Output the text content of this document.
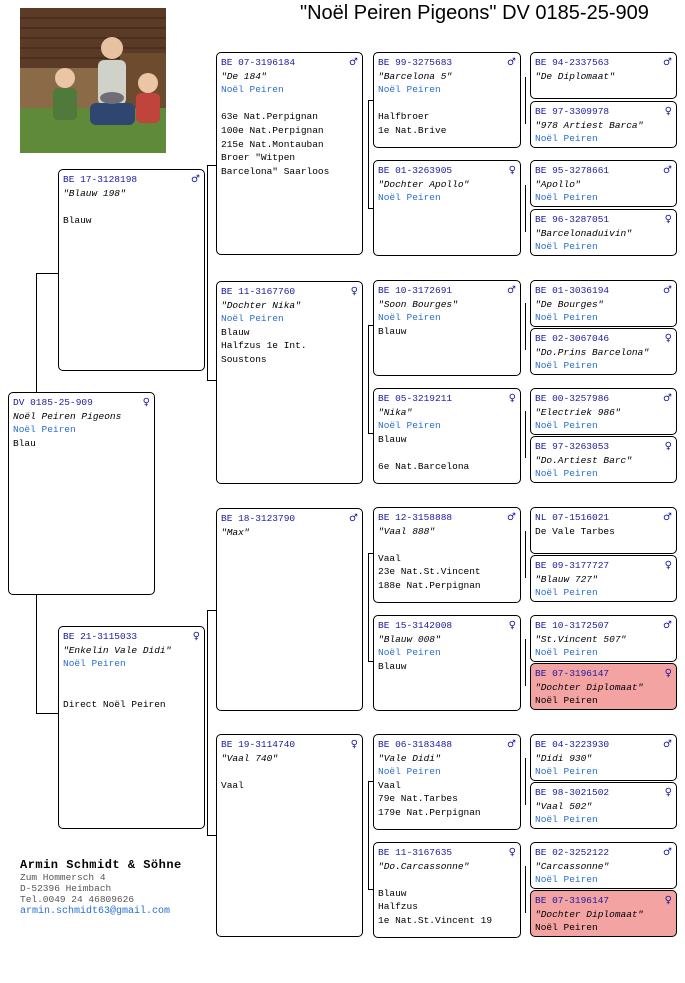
"Noël Peiren Pigeons" DV 0185-25-909
DV 0185-25-909	♀
Noël Peiren Pigeons
Noël Peiren
Blau
BE 17-3128198	♂
"Blauw 198"
Blauw
BE 21-3115033	♀
"Enkelin Vale Didi"
Noël Peiren
Direct Noël Peiren
BE 07-3196184	♂
"De 184"
Noël Peiren
63e Nat.Perpignan
100e Nat.Perpignan
215e Nat.Montauban
Broer "Witpen
Barcelona" Saarloos
BE 11-3167760	♀
"Dochter Nika"
Noël Peiren
Blauw
Halfzus 1e Int.
Soustons
BE 18-3123790	♂
"Max"
BE 19-3114740	♀
"Vaal 740"
Vaal
BE 99-3275683	♂
"Barcelona 5"
Noël Peiren
Halfbroer
1e Nat.Brive
BE 01-3263905	♀
"Dochter Apollo"
Noël Peiren
BE 10-3172691	♂
"Soon Bourges"
Noël Peiren
Blauw
BE 05-3219211	♀
"Nika"
Noël Peiren
Blauw
6e Nat.Barcelona
BE 12-3158888	♂
"Vaal 888"
Vaal
23e Nat.St.Vincent
188e Nat.Perpignan
BE 15-3142008	♀
"Blauw 008"
Noël Peiren
Blauw
BE 06-3183488	♂
"Vale Didi"
Noël Peiren
Vaal
79e Nat.Tarbes
179e Nat.Perpignan
BE 11-3167635	♀
"Do.Carcassonne"
Blauw
Halfzus
1e Nat.St.Vincent 19
BE 94-2337563	♂
"De Diplomaat"
BE 97-3309978	♀
"978 Artiest Barca"
Noël Peiren
BE 95-3278661	♂
"Apollo"
Noël Peiren
BE 96-3287051	♀
"Barcelonaduivin"
Noël Peiren
BE 01-3036194	♂
"De Bourges"
Noël Peiren
BE 02-3067046	♀
"Do.Prins Barcelona"
Noël Peiren
BE 00-3257986	♂
"Electriek 986"
Noël Peiren
BE 97-3263053	♀
"Do.Artiest Barc"
Noël Peiren
NL 07-1516021	♂
De Vale Tarbes
BE 09-3177727	♀
"Blauw 727"
Noël Peiren
BE 10-3172507	♂
"St.Vincent 507"
Noël Peiren
BE 07-3196147	♀
"Dochter Diplomaat"
Noël Peiren
BE 04-3223930	♂
"Didi 930"
Noël Peiren
BE 98-3021502	♀
"Vaal 502"
Noël Peiren
BE 02-3252122	♂
"Carcassonne"
Noël Peiren
BE 07-3196147	♀
"Dochter Diplomaat"
Noël Peiren
Armin Schmidt & Söhne
Zum Hommersch 4
D-52396 Heimbach
Tel.0049 24 46809626
armin.schmidt63@gmail.com
